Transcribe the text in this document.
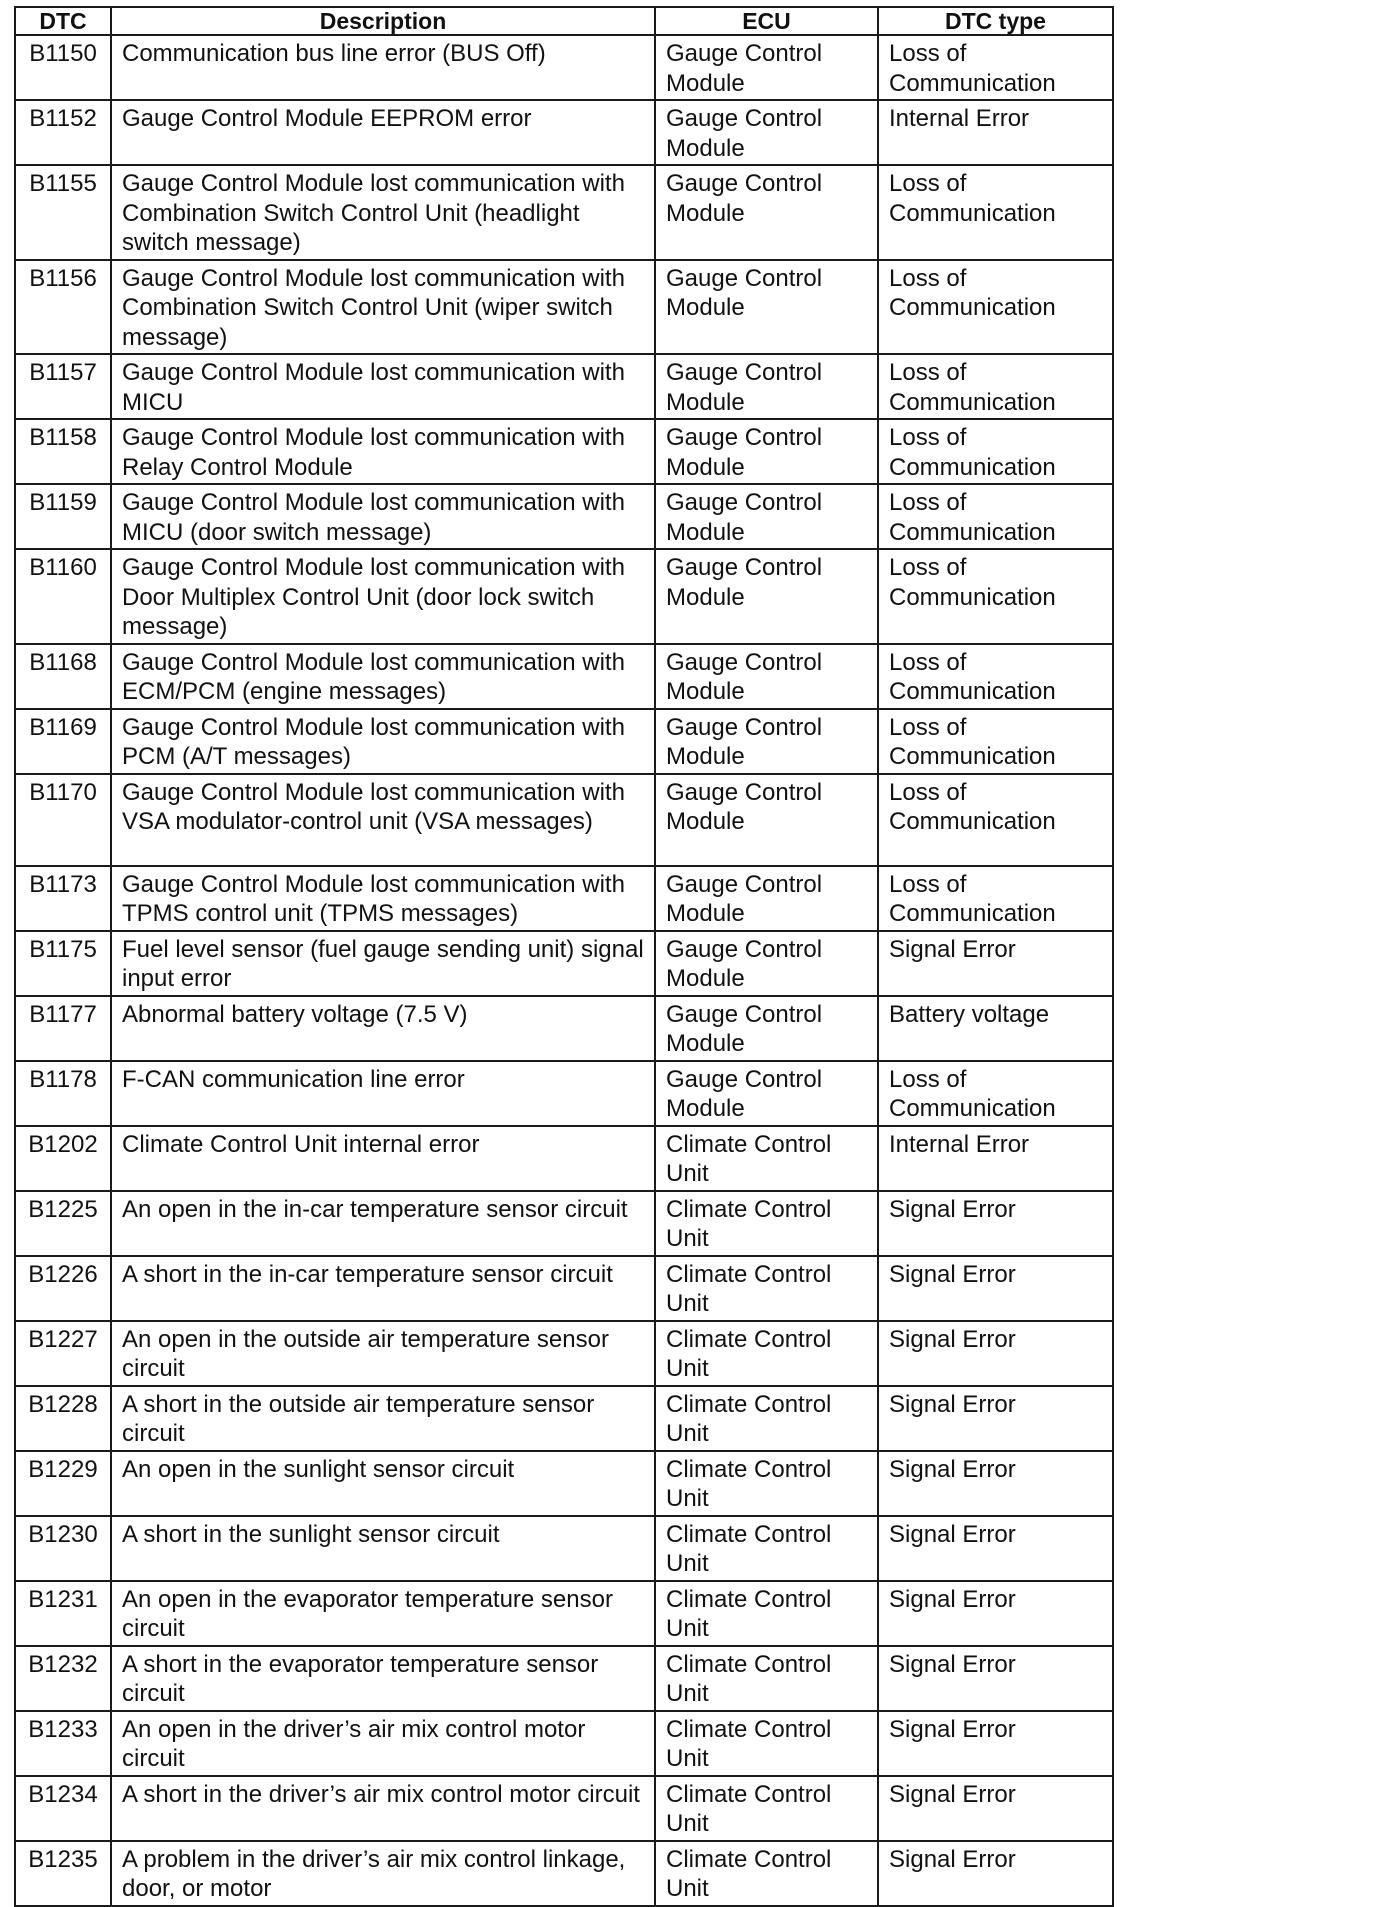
DTC	Description	ECU	DTC type
B1150	Communication bus line error (BUS Off)	Gauge Control Module	Loss of Communication
B1152	Gauge Control Module EEPROM error	Gauge Control Module	Internal Error
B1155	Gauge Control Module lost communication with Combination Switch Control Unit (headlight switch message)	Gauge Control Module	Loss of Communication
B1156	Gauge Control Module lost communication with Combination Switch Control Unit (wiper switch message)	Gauge Control Module	Loss of Communication
B1157	Gauge Control Module lost communication with MICU	Gauge Control Module	Loss of Communication
B1158	Gauge Control Module lost communication with Relay Control Module	Gauge Control Module	Loss of Communication
B1159	Gauge Control Module lost communication with MICU (door switch message)	Gauge Control Module	Loss of Communication
B1160	Gauge Control Module lost communication with Door Multiplex Control Unit (door lock switch message)	Gauge Control Module	Loss of Communication
B1168	Gauge Control Module lost communication with ECM/PCM (engine messages)	Gauge Control Module	Loss of Communication
B1169	Gauge Control Module lost communication with PCM (A/T messages)	Gauge Control Module	Loss of Communication
B1170	Gauge Control Module lost communication with VSA modulator-control unit (VSA messages)	Gauge Control Module	Loss of Communication
B1173	Gauge Control Module lost communication with TPMS control unit (TPMS messages)	Gauge Control Module	Loss of Communication
B1175	Fuel level sensor (fuel gauge sending unit) signal input error	Gauge Control Module	Signal Error
B1177	Abnormal battery voltage (7.5 V)	Gauge Control Module	Battery voltage
B1178	F-CAN communication line error	Gauge Control Module	Loss of Communication
B1202	Climate Control Unit internal error	Climate Control Unit	Internal Error
B1225	An open in the in-car temperature sensor circuit	Climate Control Unit	Signal Error
B1226	A short in the in-car temperature sensor circuit	Climate Control Unit	Signal Error
B1227	An open in the outside air temperature sensor circuit	Climate Control Unit	Signal Error
B1228	A short in the outside air temperature sensor circuit	Climate Control Unit	Signal Error
B1229	An open in the sunlight sensor circuit	Climate Control Unit	Signal Error
B1230	A short in the sunlight sensor circuit	Climate Control Unit	Signal Error
B1231	An open in the evaporator temperature sensor circuit	Climate Control Unit	Signal Error
B1232	A short in the evaporator temperature sensor circuit	Climate Control Unit	Signal Error
B1233	An open in the driver’s air mix control motor circuit	Climate Control Unit	Signal Error
B1234	A short in the driver’s air mix control motor circuit	Climate Control Unit	Signal Error
B1235	A problem in the driver’s air mix control linkage, door, or motor	Climate Control Unit	Signal Error
